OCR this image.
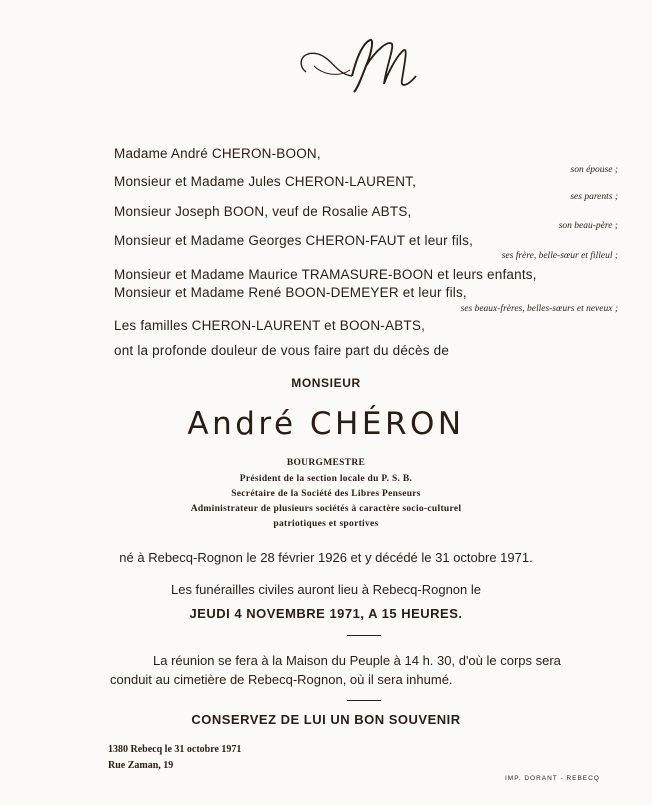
M
Madame André CHERON-BOON,
son épouse ;
Monsieur et Madame Jules CHERON-LAURENT,
ses parents ;
Monsieur Joseph BOON, veuf de Rosalie ABTS,
son beau-père ;
Monsieur et Madame Georges CHERON-FAUT et leur fils,
ses frère, belle-sœur et filleul ;
Monsieur et Madame Maurice TRAMASURE-BOON et leurs enfants,
Monsieur et Madame René BOON-DEMEYER et leur fils,
ses beaux-frères, belles-sœurs et neveux ;
Les familles CHERON-LAURENT et BOON-ABTS,
ont la profonde douleur de vous faire part du décès de
MONSIEUR
André CHÉRON
BOURGMESTRE
Président de la section locale du P. S. B.
Secrétaire de la Société des Libres Penseurs
Administrateur de plusieurs sociétés à caractère socio-culturel
patriotiques et sportives
né à Rebecq-Rognon le 28 février 1926 et y décédé le 31 octobre 1971.
Les funérailles civiles auront lieu à Rebecq-Rognon le
JEUDI 4 NOVEMBRE 1971, A 15 HEURES.
La réunion se fera à la Maison du Peuple à 14 h. 30, d'où le corps sera
conduit au cimetière de Rebecq-Rognon, où il sera inhumé.
CONSERVEZ DE LUI UN BON SOUVENIR
1380 Rebecq le 31 octobre 1971
Rue Zaman, 19
IMP. DORANT - REBECQ
